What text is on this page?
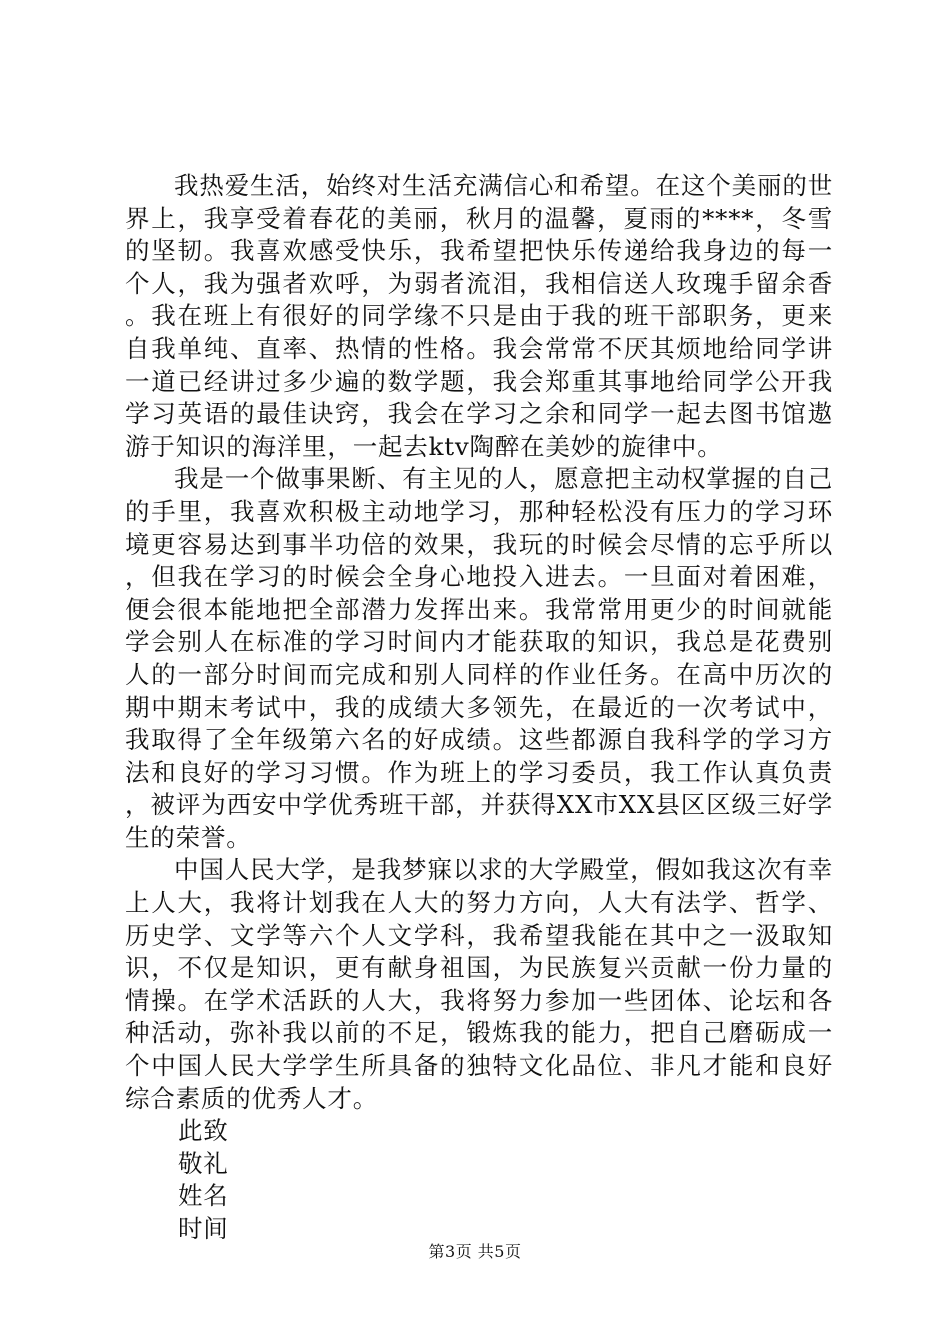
我热爱生活，始终对生活充满信心和希望。在这个美丽的世界上，我享受着春花的美丽，秋月的温馨，夏雨的****，冬雪的坚韧。我喜欢感受快乐，我希望把快乐传递给我身边的每一个人，我为强者欢呼，为弱者流泪，我相信送人玫瑰手留余香。我在班上有很好的同学缘不只是由于我的班干部职务，更来自我单纯、直率、热情的性格。我会常常不厌其烦地给同学讲一道已经讲过多少遍的数学题，我会郑重其事地给同学公开我学习英语的最佳诀窍，我会在学习之余和同学一起去图书馆遨游于知识的海洋里，一起去ktv陶醉在美妙的旋律中。

我是一个做事果断、有主见的人，愿意把主动权掌握的自己的手里，我喜欢积极主动地学习，那种轻松没有压力的学习环境更容易达到事半功倍的效果，我玩的时候会尽情的忘乎所以，但我在学习的时候会全身心地投入进去。一旦面对着困难，便会很本能地把全部潜力发挥出来。我常常用更少的时间就能学会别人在标准的学习时间内才能获取的知识，我总是花费别人的一部分时间而完成和别人同样的作业任务。在高中历次的期中期末考试中，我的成绩大多领先，在最近的一次考试中，我取得了全年级第六名的好成绩。这些都源自我科学的学习方法和良好的学习习惯。作为班上的学习委员，我工作认真负责，被评为西安中学优秀班干部，并获得XX市XX县区区级三好学生的荣誉。

中国人民大学，是我梦寐以求的大学殿堂，假如我这次有幸上人大，我将计划我在人大的努力方向，人大有法学、哲学、历史学、文学等六个人文学科，我希望我能在其中之一汲取知识，不仅是知识，更有献身祖国，为民族复兴贡献一份力量的情操。在学术活跃的人大，我将努力参加一些团体、论坛和各种活动，弥补我以前的不足，锻炼我的能力，把自己磨砺成一个中国人民大学学生所具备的独特文化品位、非凡才能和良好综合素质的优秀人才。

此致

敬礼

姓名

时间

第3页 共5页
